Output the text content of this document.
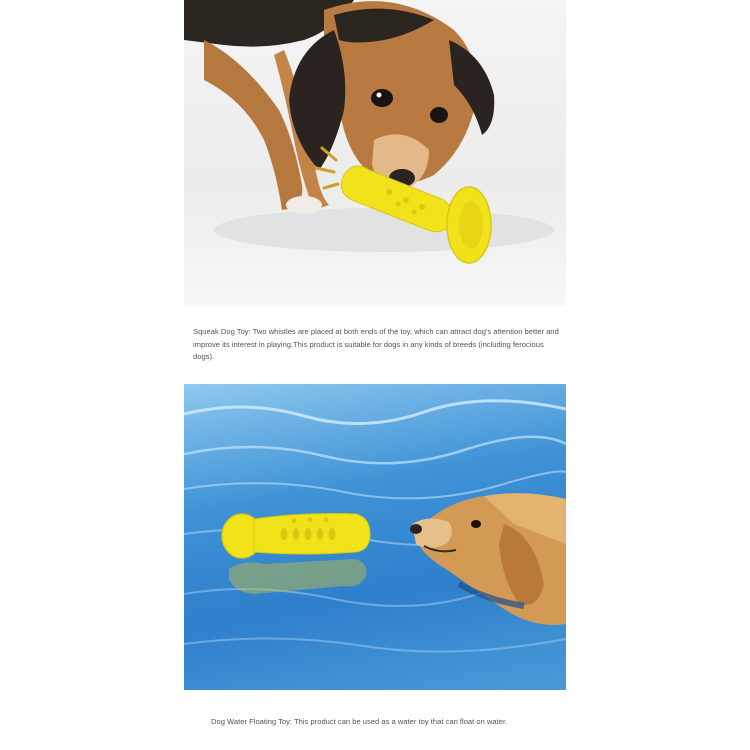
Squeak Dog Toy: Two whistles are placed at both ends of the toy, which can attract dog's attention better and improve its interest in playing.This product is suitable for dogs in any kinds of breeds (including ferocious dogs).
Dog Water Floating Toy: This product can be used as a water toy that can float on water.
